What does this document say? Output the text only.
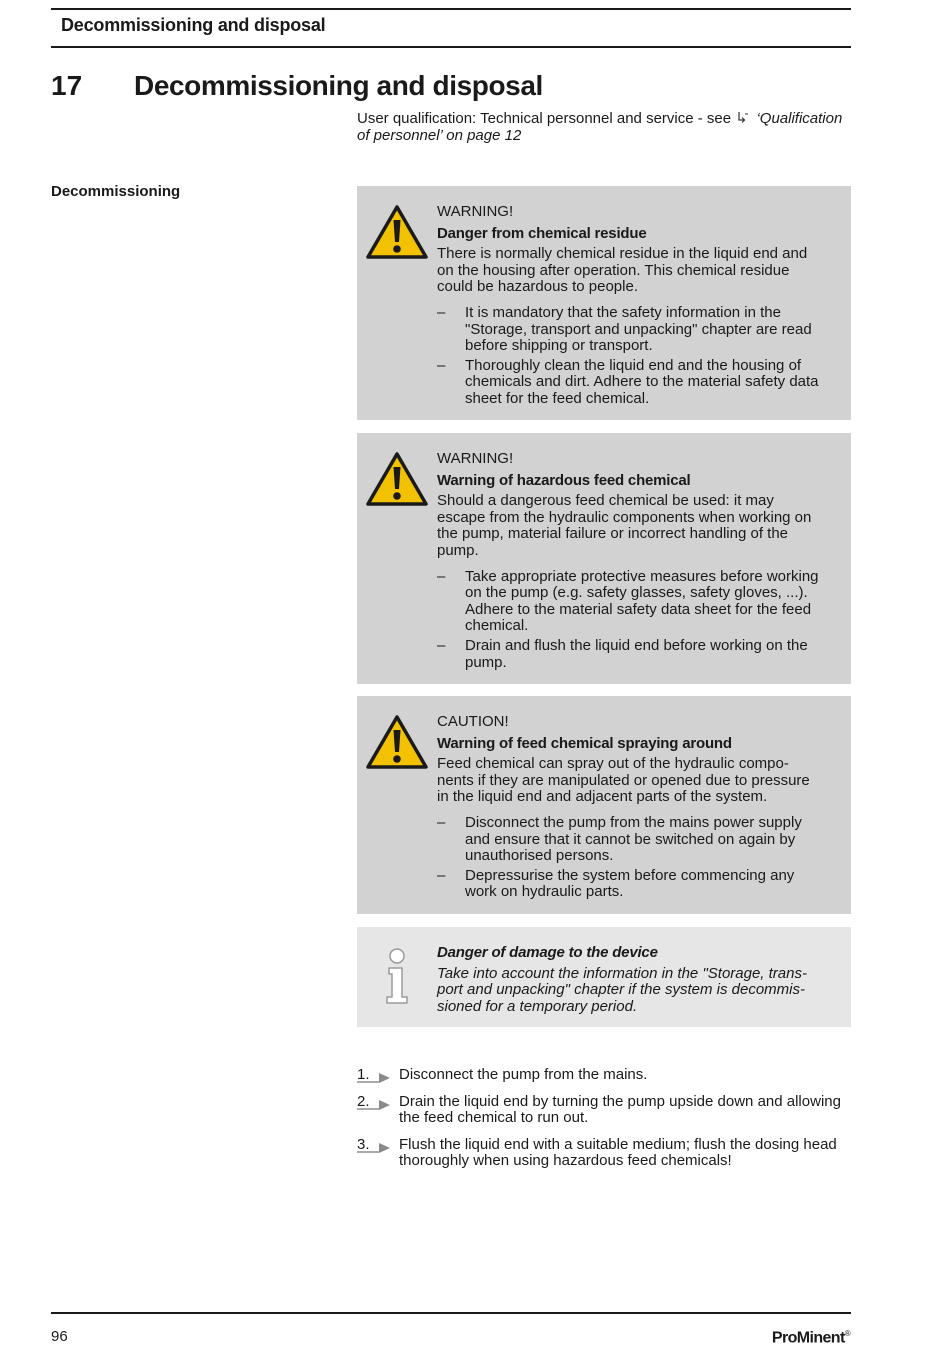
Decommissioning and disposal
17 Decommissioning and disposal
User qualification: Technical personnel and service - see ‘Qualification of personnel’ on page 12
Decommissioning

WARNING!

Danger from chemical residue

There is normally chemical residue in the liquid end and on the housing after operation. This chemical residue could be hazardous to people.

– It is mandatory that the safety information in the "Storage, transport and unpacking" chapter are read before shipping or transport.
– Thoroughly clean the liquid end and the housing of chemicals and dirt. Adhere to the material safety data sheet for the feed chemical.

WARNING!

Warning of hazardous feed chemical

Should a dangerous feed chemical be used: it may escape from the hydraulic components when working on the pump, material failure or incorrect handling of the pump.

– Take appropriate protective measures before working on the pump (e.g. safety glasses, safety gloves, ...). Adhere to the material safety data sheet for the feed chemical.
– Drain and flush the liquid end before working on the pump.

CAUTION!

Warning of feed chemical spraying around

Feed chemical can spray out of the hydraulic compo-nents if they are manipulated or opened due to pressure in the liquid end and adjacent parts of the system.

– Disconnect the pump from the mains power supply and ensure that it cannot be switched on again by unauthorised persons.
– Depressurise the system before commencing any work on hydraulic parts.

Danger of damage to the device

Take into account the information in the "Storage, trans-port and unpacking" chapter if the system is decommis-sioned for a temporary period.

1. Disconnect the pump from the mains.
2. Drain the liquid end by turning the pump upside down and allowing the feed chemical to run out.
3. Flush the liquid end with a suitable medium; flush the dosing head thoroughly when using hazardous feed chemicals!
96	ProMinent®
